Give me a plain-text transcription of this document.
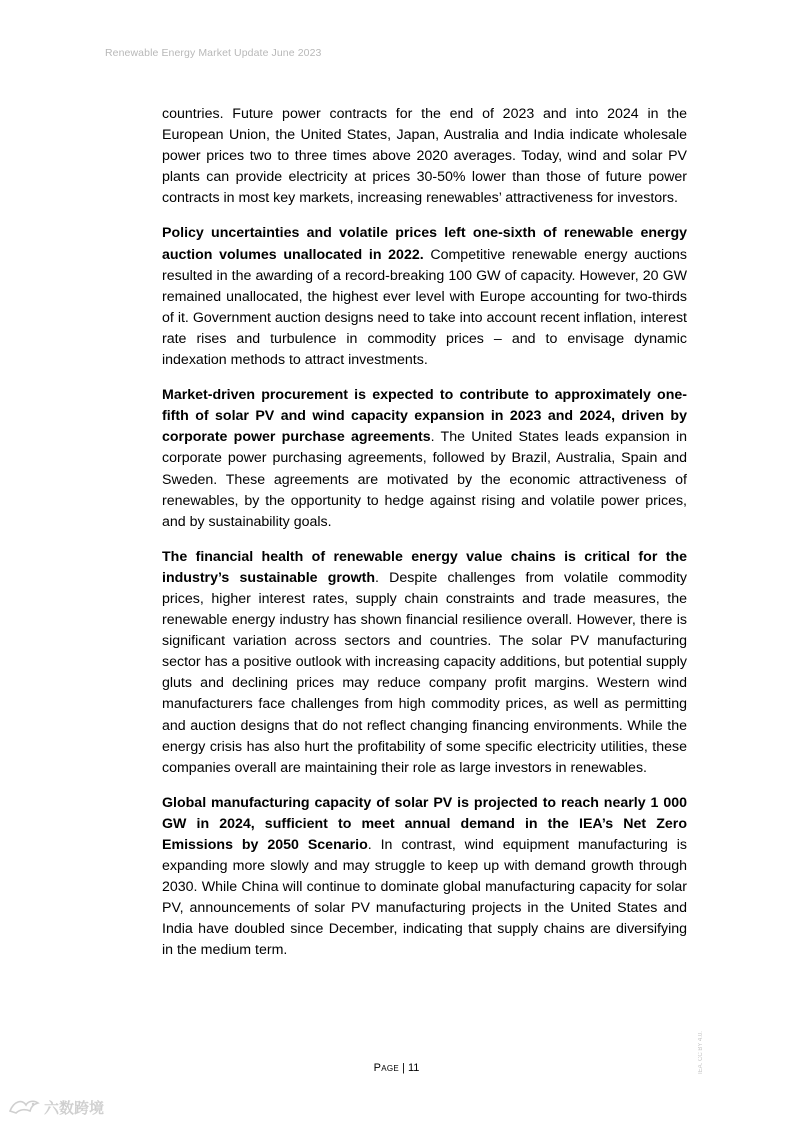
Renewable Energy Market Update June 2023

countries. Future power contracts for the end of 2023 and into 2024 in the European Union, the United States, Japan, Australia and India indicate wholesale power prices two to three times above 2020 averages. Today, wind and solar PV plants can provide electricity at prices 30-50% lower than those of future power contracts in most key markets, increasing renewables’ attractiveness for investors.

Policy uncertainties and volatile prices left one-sixth of renewable energy auction volumes unallocated in 2022. Competitive renewable energy auctions resulted in the awarding of a record-breaking 100 GW of capacity. However, 20 GW remained unallocated, the highest ever level with Europe accounting for two-thirds of it. Government auction designs need to take into account recent inflation, interest rate rises and turbulence in commodity prices – and to envisage dynamic indexation methods to attract investments.

Market-driven procurement is expected to contribute to approximately one-fifth of solar PV and wind capacity expansion in 2023 and 2024, driven by corporate power purchase agreements. The United States leads expansion in corporate power purchasing agreements, followed by Brazil, Australia, Spain and Sweden. These agreements are motivated by the economic attractiveness of renewables, by the opportunity to hedge against rising and volatile power prices, and by sustainability goals.

The financial health of renewable energy value chains is critical for the industry’s sustainable growth. Despite challenges from volatile commodity prices, higher interest rates, supply chain constraints and trade measures, the renewable energy industry has shown financial resilience overall. However, there is significant variation across sectors and countries. The solar PV manufacturing sector has a positive outlook with increasing capacity additions, but potential supply gluts and declining prices may reduce company profit margins. Western wind manufacturers face challenges from high commodity prices, as well as permitting and auction designs that do not reflect changing financing environments. While the energy crisis has also hurt the profitability of some specific electricity utilities, these companies overall are maintaining their role as large investors in renewables.

Global manufacturing capacity of solar PV is projected to reach nearly 1 000 GW in 2024, sufficient to meet annual demand in the IEA’s Net Zero Emissions by 2050 Scenario. In contrast, wind equipment manufacturing is expanding more slowly and may struggle to keep up with demand growth through 2030. While China will continue to dominate global manufacturing capacity for solar PV, announcements of solar PV manufacturing projects in the United States and India have doubled since December, indicating that supply chains are diversifying in the medium term.

IEA. CC BY 4.0.
Page | 11
六数跨境
